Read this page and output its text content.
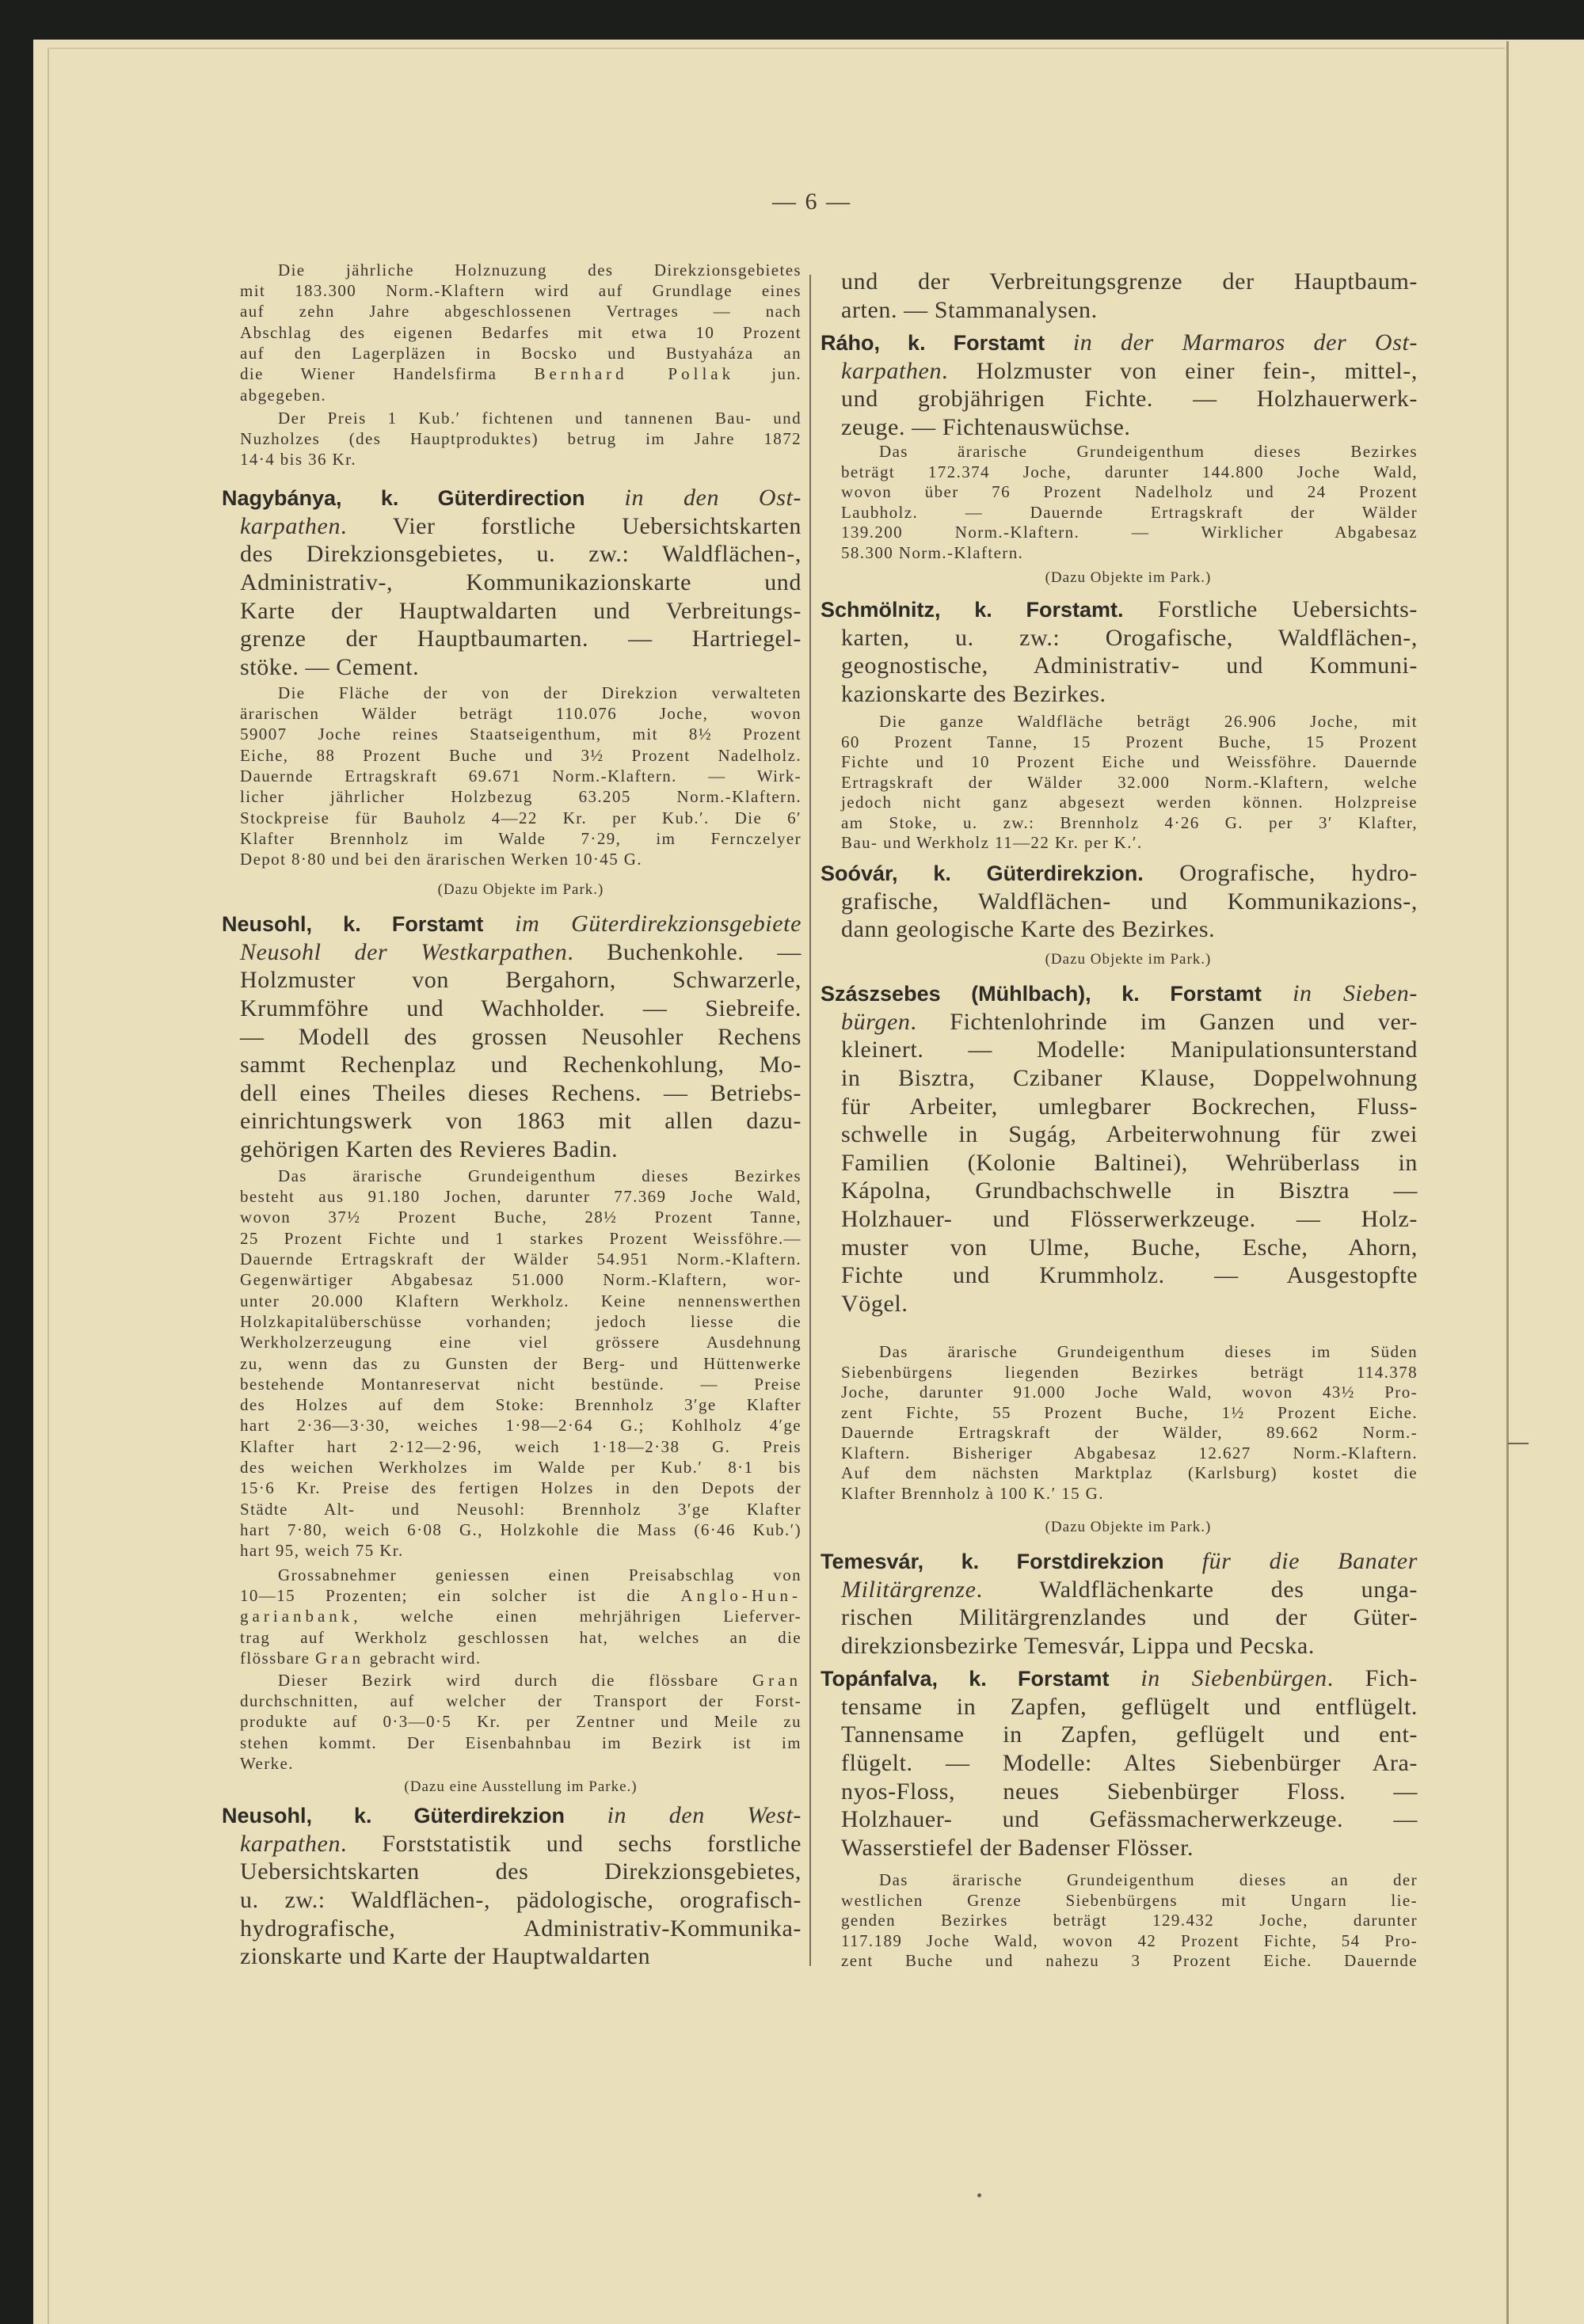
— 6 —
Die jährliche Holznuzung des Direkzionsgebietes
mit 183.300 Norm.-Klaftern wird auf Grundlage eines
auf zehn Jahre abgeschlossenen Vertrages — nach
Abschlag des eigenen Bedarfes mit etwa 10 Prozent
auf den Lagerpläzen in Bocsko und Bustyaháza an
die Wiener Handelsfirma Bernhard Pollak jun.
abgegeben.
Der Preis 1 Kub.′ fichtenen und tannenen Bau- und
Nuzholzes (des Hauptproduktes) betrug im Jahre 1872
14·4 bis 36 Kr.
Nagybánya, k. Güterdirection in den Ost-
karpathen. Vier forstliche Uebersichtskarten
des Direkzionsgebietes, u. zw.: Waldflächen-,
Administrativ-, Kommunikazionskarte und
Karte der Hauptwaldarten und Verbreitungs-
grenze der Hauptbaumarten. — Hartriegel-
stöke. — Cement.
Die Fläche der von der Direkzion verwalteten
ärarischen Wälder beträgt 110.076 Joche, wovon
59007 Joche reines Staatseigenthum, mit 8½ Prozent
Eiche, 88 Prozent Buche und 3½ Prozent Nadelholz.
Dauernde Ertragskraft 69.671 Norm.-Klaftern. — Wirk-
licher jährlicher Holzbezug 63.205 Norm.-Klaftern.
Stockpreise für Bauholz 4—22 Kr. per Kub.′. Die 6′
Klafter Brennholz im Walde 7·29, im Fernczelyer
Depot 8·80 und bei den ärarischen Werken 10·45 G.
(Dazu Objekte im Park.)
Neusohl, k. Forstamt im Güterdirekzionsgebiete
Neusohl der Westkarpathen. Buchenkohle. —
Holzmuster von Bergahorn, Schwarzerle,
Krummföhre und Wachholder. — Siebreife.
— Modell des grossen Neusohler Rechens
sammt Rechenplaz und Rechenkohlung, Mo-
dell eines Theiles dieses Rechens. — Betriebs-
einrichtungswerk von 1863 mit allen dazu-
gehörigen Karten des Revieres Badin.
Das ärarische Grundeigenthum dieses Bezirkes
besteht aus 91.180 Jochen, darunter 77.369 Joche Wald,
wovon 37½ Prozent Buche, 28½ Prozent Tanne,
25 Prozent Fichte und 1 starkes Prozent Weissföhre.—
Dauernde Ertragskraft der Wälder 54.951 Norm.-Klaftern.
Gegenwärtiger Abgabesaz 51.000 Norm.-Klaftern, wor-
unter 20.000 Klaftern Werkholz. Keine nennenswerthen
Holzkapitalüberschüsse vorhanden; jedoch liesse die
Werkholzerzeugung eine viel grössere Ausdehnung
zu, wenn das zu Gunsten der Berg- und Hüttenwerke
bestehende Montanreservat nicht bestünde. — Preise
des Holzes auf dem Stoke: Brennholz 3′ge Klafter
hart 2·36—3·30, weiches 1·98—2·64 G.; Kohlholz 4′ge
Klafter hart 2·12—2·96, weich 1·18—2·38 G. Preis
des weichen Werkholzes im Walde per Kub.′ 8·1 bis
15·6 Kr. Preise des fertigen Holzes in den Depots der
Städte Alt- und Neusohl: Brennholz 3′ge Klafter
hart 7·80, weich 6·08 G., Holzkohle die Mass (6·46 Kub.′)
hart 95, weich 75 Kr.
Grossabnehmer geniessen einen Preisabschlag von
10—15 Prozenten; ein solcher ist die Anglo-Hun-
garianbank, welche einen mehrjährigen Lieferver-
trag auf Werkholz geschlossen hat, welches an die
flössbare Gran gebracht wird.
Dieser Bezirk wird durch die flössbare Gran
durchschnitten, auf welcher der Transport der Forst-
produkte auf 0·3—0·5 Kr. per Zentner und Meile zu
stehen kommt. Der Eisenbahnbau im Bezirk ist im
Werke.
(Dazu eine Ausstellung im Parke.)
Neusohl, k. Güterdirekzion in den West-
karpathen. Forststatistik und sechs forstliche
Uebersichtskarten des Direkzionsgebietes,
u. zw.: Waldflächen-, pädologische, orografisch-
hydrografische, Administrativ-Kommunika-
zionskarte und Karte der Hauptwaldarten
und der Verbreitungsgrenze der Hauptbaum-
arten. — Stammanalysen.
Ráho, k. Forstamt in der Marmaros der Ost-
karpathen. Holzmuster von einer fein-, mittel-,
und grobjährigen Fichte. — Holzhauerwerk-
zeuge. — Fichtenauswüchse.
Das ärarische Grundeigenthum dieses Bezirkes
beträgt 172.374 Joche, darunter 144.800 Joche Wald,
wovon über 76 Prozent Nadelholz und 24 Prozent
Laubholz. — Dauernde Ertragskraft der Wälder
139.200 Norm.-Klaftern. — Wirklicher Abgabesaz
58.300 Norm.-Klaftern.
(Dazu Objekte im Park.)
Schmölnitz, k. Forstamt. Forstliche Uebersichts-
karten, u. zw.: Orogafische, Waldflächen-,
geognostische, Administrativ- und Kommuni-
kazionskarte des Bezirkes.
Die ganze Waldfläche beträgt 26.906 Joche, mit
60 Prozent Tanne, 15 Prozent Buche, 15 Prozent
Fichte und 10 Prozent Eiche und Weissföhre. Dauernde
Ertragskraft der Wälder 32.000 Norm.-Klaftern, welche
jedoch nicht ganz abgesezt werden können. Holzpreise
am Stoke, u. zw.: Brennholz 4·26 G. per 3′ Klafter,
Bau- und Werkholz 11—22 Kr. per K.′.
Soóvár, k. Güterdirekzion. Orografische, hydro-
grafische, Waldflächen- und Kommunikazions-,
dann geologische Karte des Bezirkes.
(Dazu Objekte im Park.)
Szászsebes (Mühlbach), k. Forstamt in Sieben-
bürgen. Fichtenlohrinde im Ganzen und ver-
kleinert. — Modelle: Manipulationsunterstand
in Bisztra, Czibaner Klause, Doppelwohnung
für Arbeiter, umlegbarer Bockrechen, Fluss-
schwelle in Sugág, Arbeiterwohnung für zwei
Familien (Kolonie Baltinei), Wehrüberlass in
Kápolna, Grundbachschwelle in Bisztra —
Holzhauer- und Flösserwerkzeuge. — Holz-
muster von Ulme, Buche, Esche, Ahorn,
Fichte und Krummholz. — Ausgestopfte
Vögel.
Das ärarische Grundeigenthum dieses im Süden
Siebenbürgens liegenden Bezirkes beträgt 114.378
Joche, darunter 91.000 Joche Wald, wovon 43½ Pro-
zent Fichte, 55 Prozent Buche, 1½ Prozent Eiche.
Dauernde Ertragskraft der Wälder, 89.662 Norm.-
Klaftern. Bisheriger Abgabesaz 12.627 Norm.-Klaftern.
Auf dem nächsten Marktplaz (Karlsburg) kostet die
Klafter Brennholz à 100 K.′ 15 G.
(Dazu Objekte im Park.)
Temesvár, k. Forstdirekzion für die Banater
Militärgrenze. Waldflächenkarte des unga-
rischen Militärgrenzlandes und der Güter-
direkzionsbezirke Temesvár, Lippa und Pecska.
Topánfalva, k. Forstamt in Siebenbürgen. Fich-
tensame in Zapfen, geflügelt und entflügelt.
Tannensame in Zapfen, geflügelt und ent-
flügelt. — Modelle: Altes Siebenbürger Ara-
nyos-Floss, neues Siebenbürger Floss. —
Holzhauer- und Gefässmacherwerkzeuge. —
Wasserstiefel der Badenser Flösser.
Das ärarische Grundeigenthum dieses an der
westlichen Grenze Siebenbürgens mit Ungarn lie-
genden Bezirkes beträgt 129.432 Joche, darunter
117.189 Joche Wald, wovon 42 Prozent Fichte, 54 Pro-
zent Buche und nahezu 3 Prozent Eiche. Dauernde
